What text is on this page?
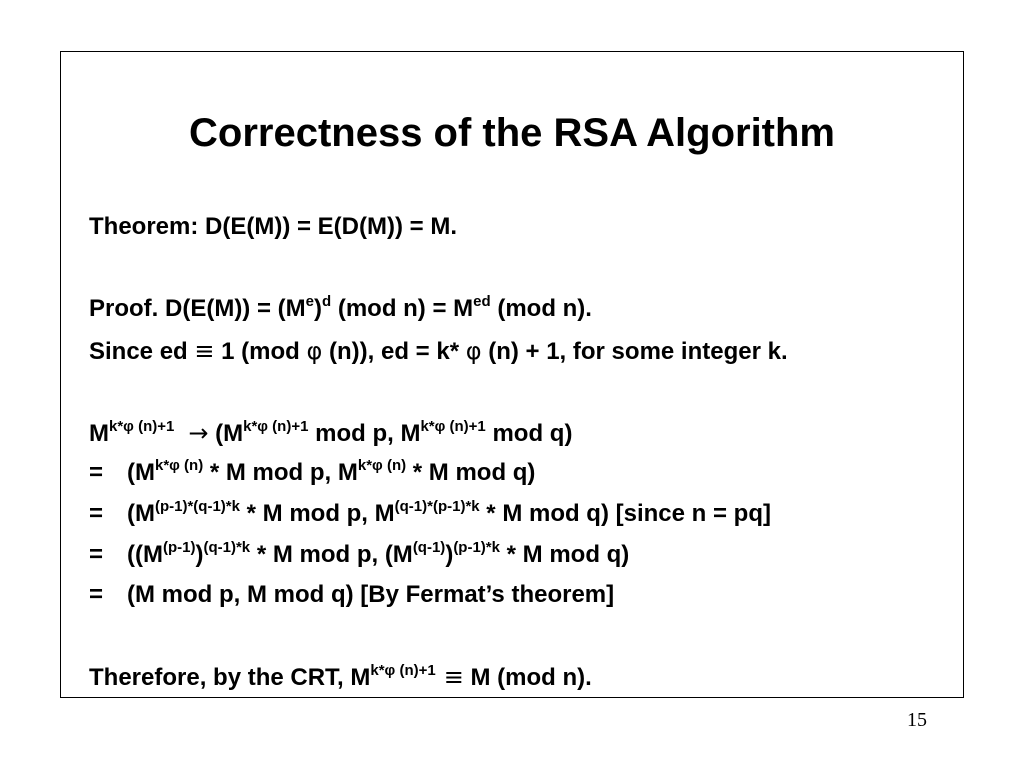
Correctness of the RSA Algorithm
Theorem: D(E(M)) = E(D(M)) = M.
Proof. $D(E(M)) = (M^e)^d$ (mod $n) = M^{ed}$ (mod n).
Since ed ≡ 1 (mod φ (n)), ed = k* φ (n) + 1, for some integer k.
$M^{k*\varphi (n)+1} \to (M^{k*\varphi (n)+1}$ mod p, $M^{k*\varphi (n)+1}$ mod q)
= ($M^{k*\varphi (n)}$ * M mod p, $M^{k*\varphi (n)}$ * M mod q)
= ($M^{(p-1)*(q-1)*k}$ * M mod p, $M^{(q-1)*(p-1)*k}$ * M mod q) [since n = pq]
= ($(M^{(p-1)})^{(q-1)*k}$ * M mod p, $(M^{(q-1)})^{(p-1)*k}$ * M mod q)
= (M mod p, M mod q) [By Fermat’s theorem]
Therefore, by the CRT, $M^{k*\varphi (n)+1} \equiv M$ (mod n).
15
